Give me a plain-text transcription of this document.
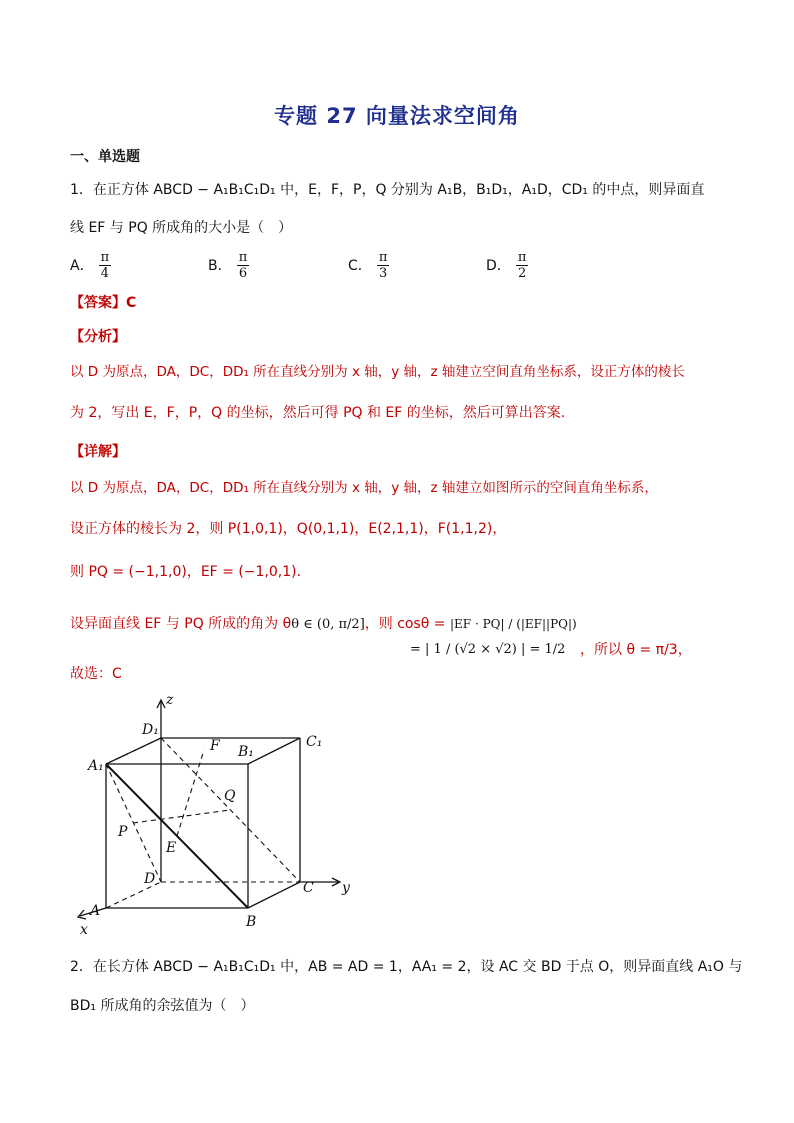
专题 27 向量法求空间角
一、单选题
1．在正方体 ABCD − A₁B₁C₁D₁ 中，E，F，P，Q 分别为 A₁B，B₁D₁，A₁D，CD₁ 的中点，则异面直
线 EF 与 PQ 所成角的大小是（　）
A． $\frac{\pi}{4}$	B． $\frac{\pi}{6}$	C． $\frac{\pi}{3}$	D． $\frac{\pi}{2}$
【答案】C
【分析】
以 D 为原点，DA，DC，DD₁ 所在直线分别为 x 轴，y 轴，z 轴建立空间直角坐标系，设正方体的棱长
为 2，写出 E，F，P，Q 的坐标，然后可得 PQ 和 EF 的坐标，然后可算出答案.
【详解】
以 D 为原点，DA，DC，DD₁ 所在直线分别为 x 轴，y 轴，z 轴建立如图所示的空间直角坐标系，
设正方体的棱长为 2，则 P(1,0,1)，Q(0,1,1)，E(2,1,1)，F(1,1,2)，
则 PQ = (−1,1,0)，EF = (−1,0,1).
设异面直线 EF 与 PQ 所成的角为 θθ ∈ (0, π/2]，则 cosθ = |EF · PQ| / (|EF||PQ|)
= | 1 / (√2 × √2) | = 1/2 ，所以 θ = π/3，
故选：C
z
y
x
A
B
C
D
A₁
B₁
C₁
D₁
E
F
P
Q
2．在长方体 ABCD − A₁B₁C₁D₁ 中，AB = AD = 1，AA₁ = 2，设 AC 交 BD 于点 O，则异面直线 A₁O 与
BD₁ 所成角的余弦值为（　）
